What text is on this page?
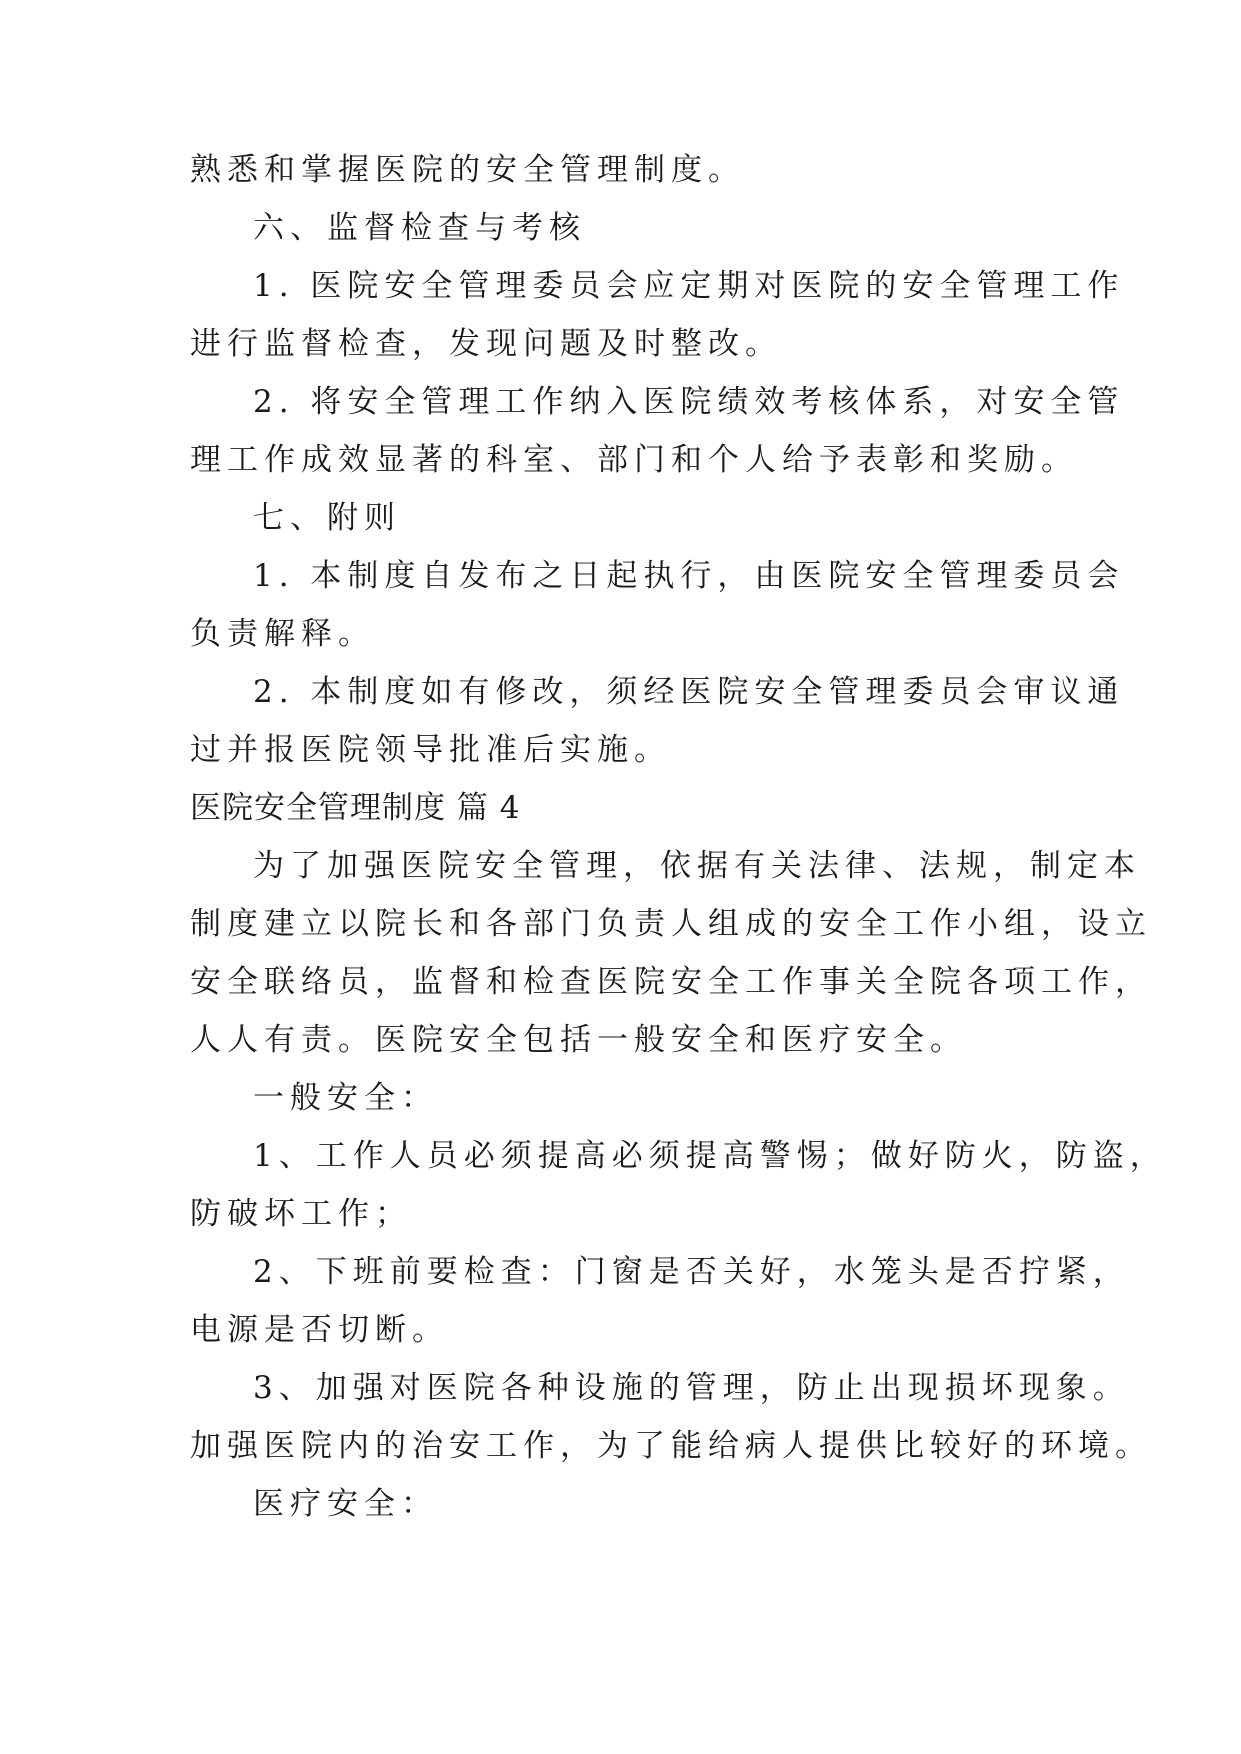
熟悉和掌握医院的安全管理制度。
六、监督检查与考核
1. 医院安全管理委员会应定期对医院的安全管理工作
进行监督检查，发现问题及时整改。
2. 将安全管理工作纳入医院绩效考核体系，对安全管
理工作成效显著的科室、部门和个人给予表彰和奖励。
七、附则
1. 本制度自发布之日起执行，由医院安全管理委员会
负责解释。
2. 本制度如有修改，须经医院安全管理委员会审议通
过并报医院领导批准后实施。
医院安全管理制度 篇 4
为了加强医院安全管理，依据有关法律、法规，制定本
制度建立以院长和各部门负责人组成的安全工作小组，设立
安全联络员，监督和检查医院安全工作事关全院各项工作，
人人有责。医院安全包括一般安全和医疗安全。
一般安全：
1、工作人员必须提高必须提高警惕；做好防火，防盗，
防破坏工作；
2、下班前要检查：门窗是否关好，水笼头是否拧紧，
电源是否切断。
3、加强对医院各种设施的管理，防止出现损坏现象。
加强医院内的治安工作，为了能给病人提供比较好的环境。
医疗安全：
